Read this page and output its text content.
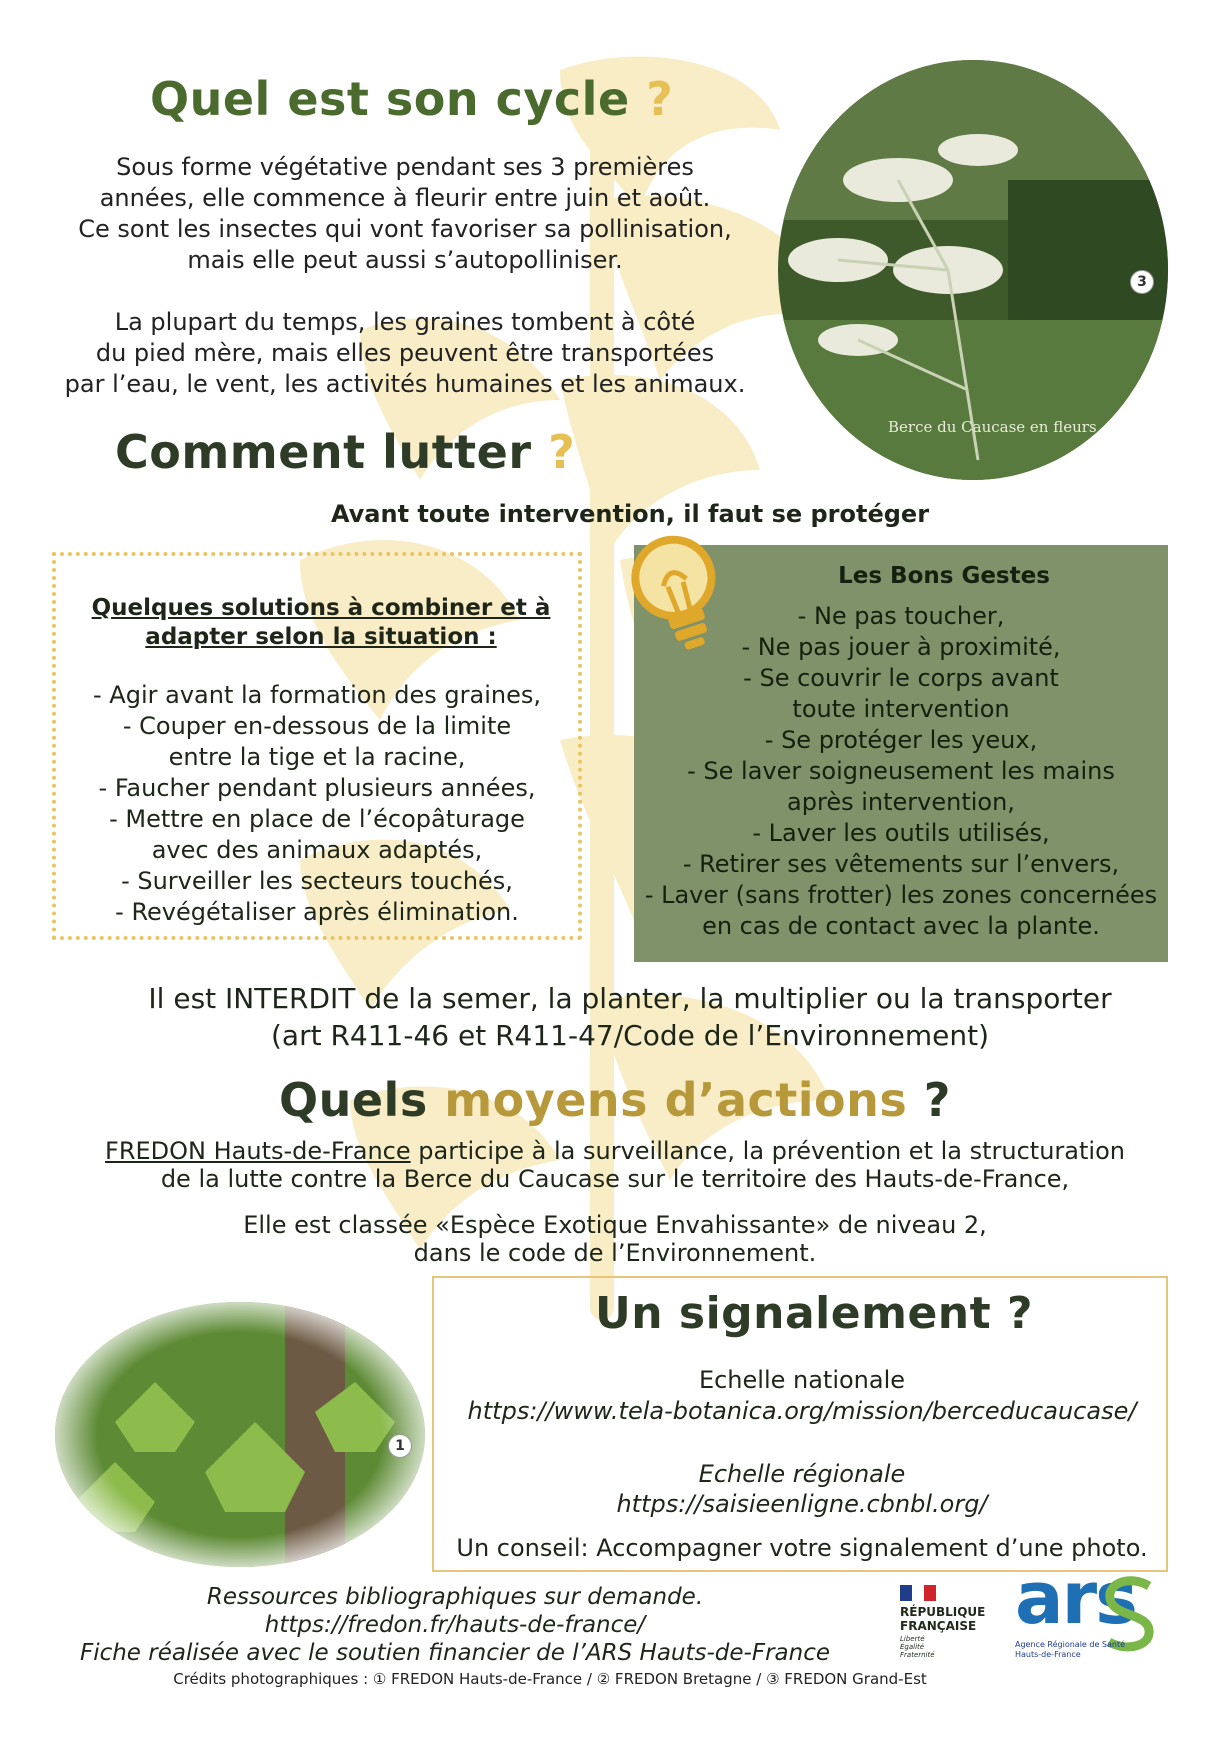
Quel est son cycle ?
Sous forme végétative pendant ses 3 premières
années, elle commence à fleurir entre juin et août.
Ce sont les insectes qui vont favoriser sa pollinisation,
mais elle peut aussi s’autopolliniser.
La plupart du temps, les graines tombent à côté
du pied mère, mais elles peuvent être transportées
par l’eau, le vent, les activités humaines et les animaux.
Berce du Caucase en fleurs
3
Comment lutter ?
Avant toute intervention, il faut se protéger
Quelques solutions à combiner et à
adapter selon la situation :
- Agir avant la formation des graines,
- Couper en-dessous de la limite
entre la tige et la racine,
- Faucher pendant plusieurs années,
- Mettre en place de l’écopâturage
avec des animaux adaptés,
- Surveiller les secteurs touchés,
- Revégétaliser après élimination.
Les Bons Gestes
- Ne pas toucher,
- Ne pas jouer à proximité,
- Se couvrir le corps avant
toute intervention
- Se protéger les yeux,
- Se laver soigneusement les mains
après intervention,
- Laver les outils utilisés,
- Retirer ses vêtements sur l’envers,
- Laver (sans frotter) les zones concernées
en cas de contact avec la plante.
Il est INTERDIT de la semer, la planter, la multiplier ou la transporter
(art R411-46 et R411-47/Code de l’Environnement)
Quels moyens d’actions ?
FREDON Hauts-de-France participe à la surveillance, la prévention et la structuration
de la lutte contre la Berce du Caucase sur le territoire des Hauts-de-France,
Elle est classée «Espèce Exotique Envahissante» de niveau 2,
dans le code de l’Environnement.
Un signalement ?
Echelle nationale
https://www.tela-botanica.org/mission/berceducaucase/
Echelle régionale
https://saisieenligne.cbnbl.org/
Un conseil: Accompagner votre signalement d’une photo.
1
Ressources bibliographiques sur demande.
https://fredon.fr/hauts-de-france/
Fiche réalisée avec le soutien financier de l’ARS Hauts-de-France
Crédits photographiques : ① FREDON Hauts-de-France / ② FREDON Bretagne / ③ FREDON Grand-Est
RÉPUBLIQUE
FRANÇAISE
Liberté
Égalité
Fraternité
ars
Agence Régionale de Santé
Hauts-de-France
